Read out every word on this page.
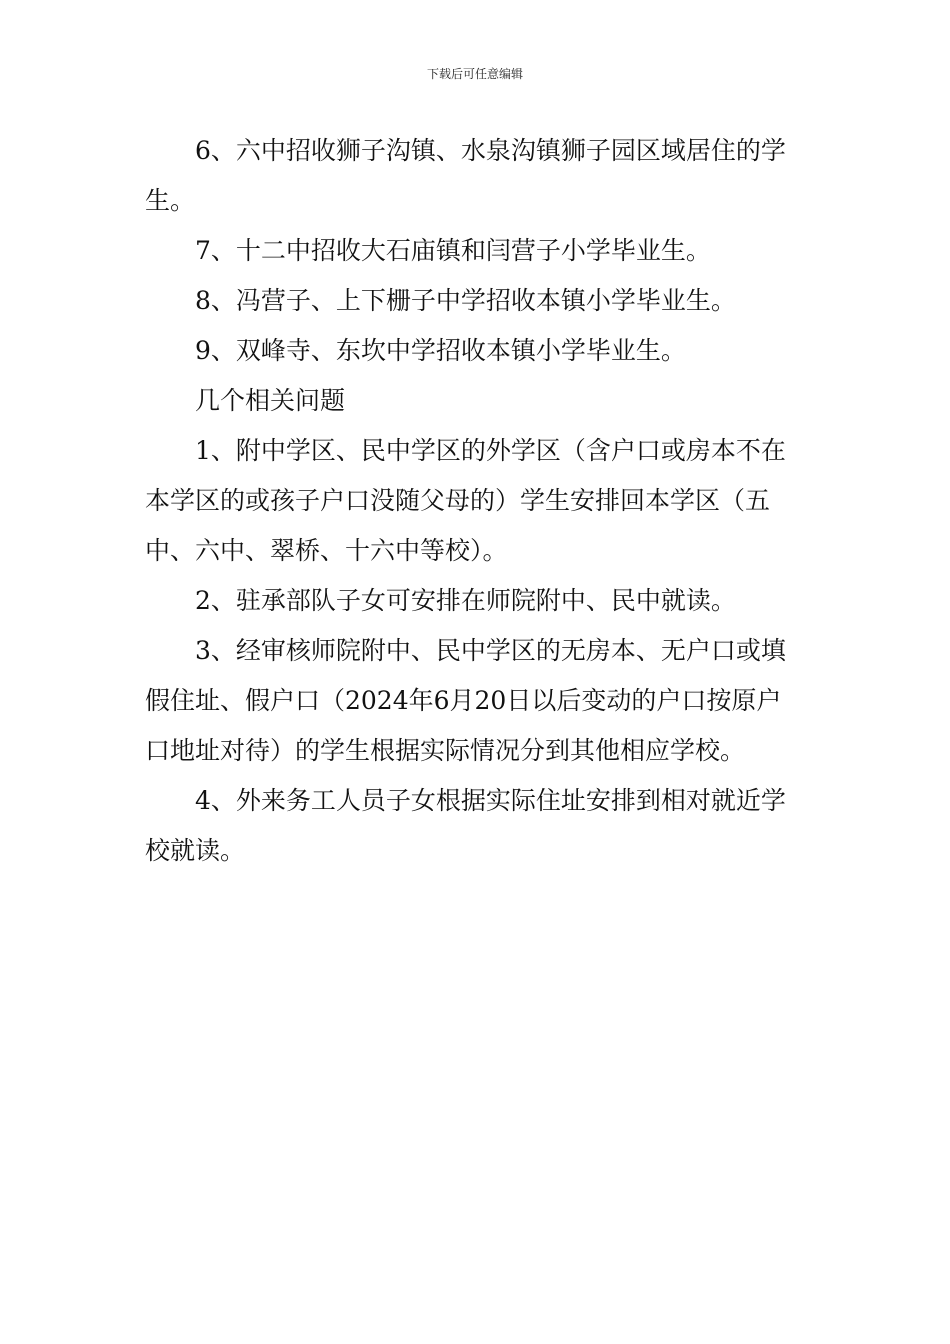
下载后可任意编辑
6、六中招收狮子沟镇、水泉沟镇狮子园区域居住的学
生。
7、十二中招收大石庙镇和闫营子小学毕业生。
8、冯营子、上下栅子中学招收本镇小学毕业生。
9、双峰寺、东坎中学招收本镇小学毕业生。
几个相关问题
1、附中学区、民中学区的外学区（含户口或房本不在
本学区的或孩子户口没随父母的）学生安排回本学区（五
中、六中、翠桥、十六中等校）。
2、驻承部队子女可安排在师院附中、民中就读。
3、经审核师院附中、民中学区的无房本、无户口或填
假住址、假户口（2024年6月20日以后变动的户口按原户
口地址对待）的学生根据实际情况分到其他相应学校。
4、外来务工人员子女根据实际住址安排到相对就近学
校就读。
